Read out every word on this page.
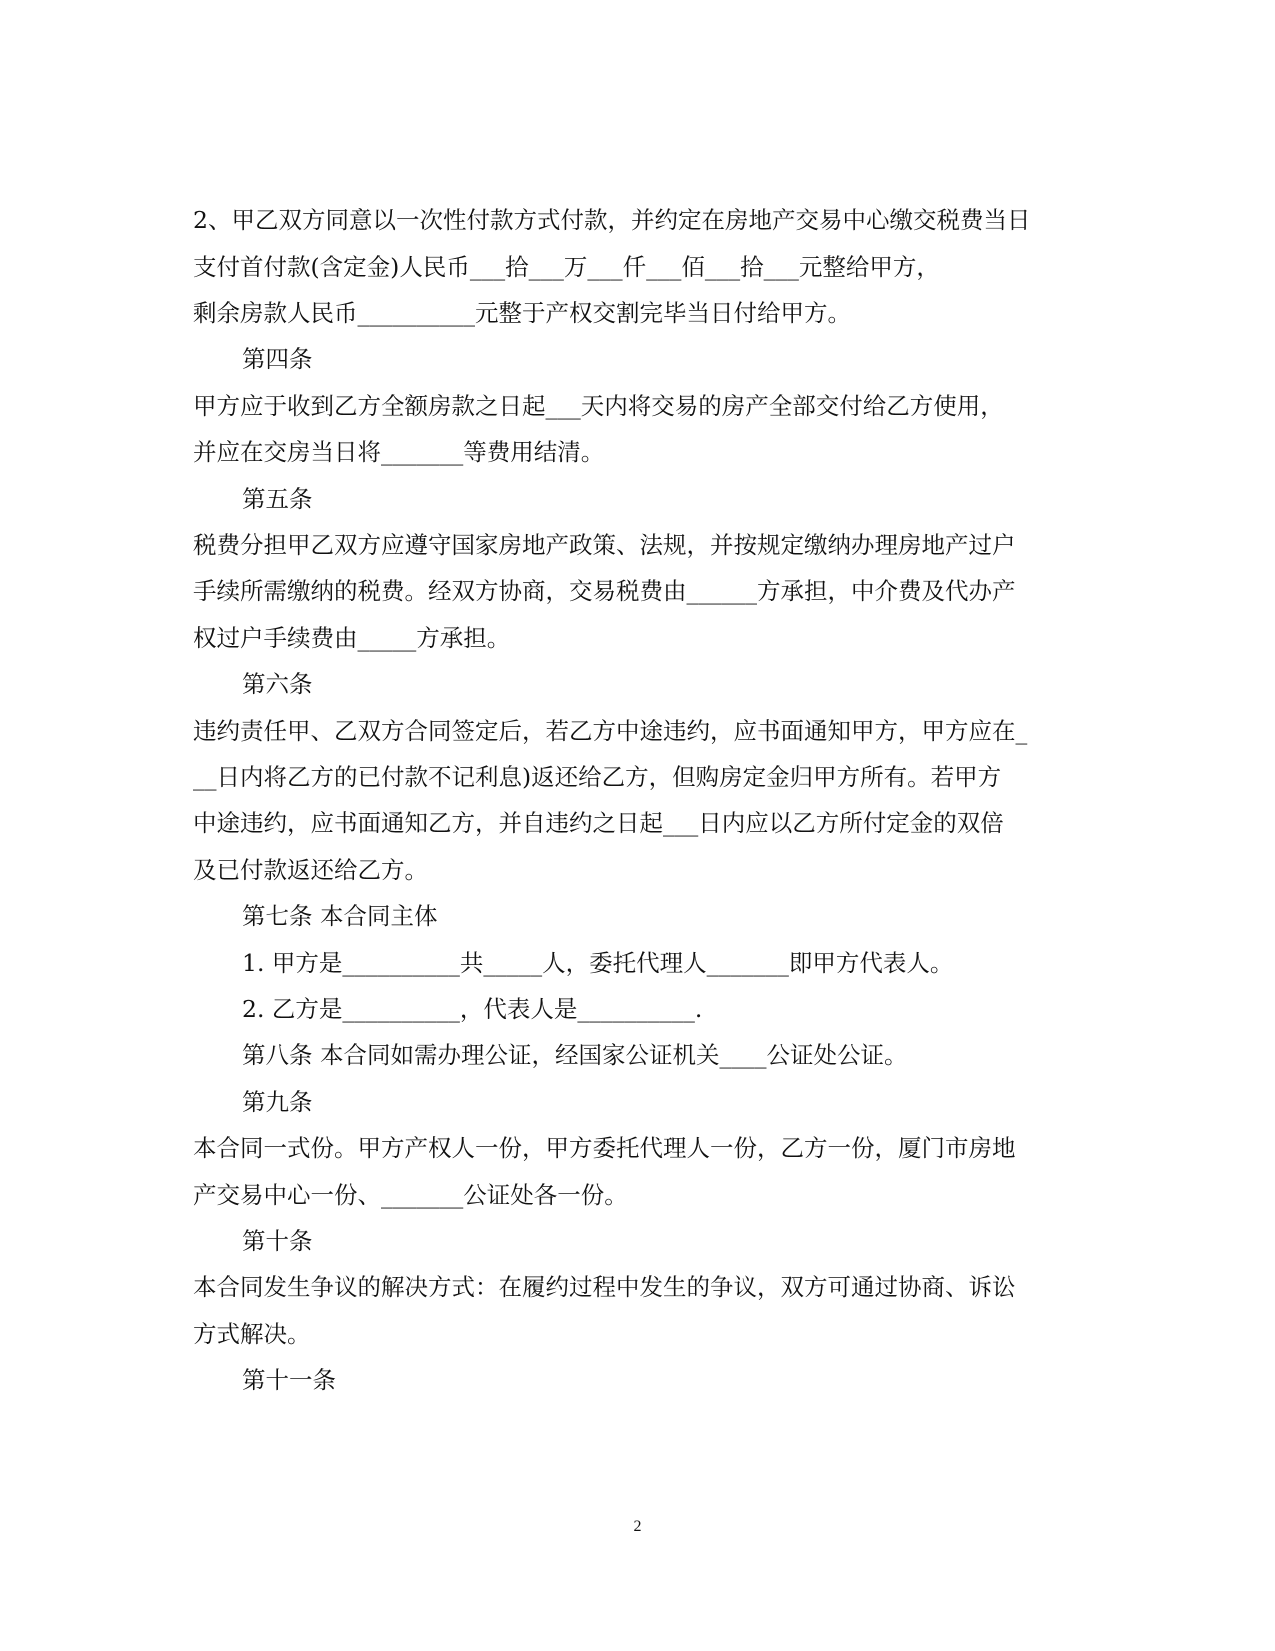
2、甲乙双方同意以一次性付款方式付款，并约定在房地产交易中心缴交税费当日
支付首付款(含定金)人民币___拾___万___仟___佰___拾___元整给甲方，
剩余房款人民币__________元整于产权交割完毕当日付给甲方。
第四条
甲方应于收到乙方全额房款之日起___天内将交易的房产全部交付给乙方使用，
并应在交房当日将_______等费用结清。
第五条
税费分担甲乙双方应遵守国家房地产政策、法规，并按规定缴纳办理房地产过户
手续所需缴纳的税费。经双方协商，交易税费由______方承担，中介费及代办产
权过户手续费由_____方承担。
第六条
违约责任甲、乙双方合同签定后，若乙方中途违约，应书面通知甲方，甲方应在_
__日内将乙方的已付款不记利息)返还给乙方，但购房定金归甲方所有。若甲方
中途违约，应书面通知乙方，并自违约之日起___日内应以乙方所付定金的双倍
及已付款返还给乙方。
第七条 本合同主体
1. 甲方是__________共_____人，委托代理人_______即甲方代表人。
2. 乙方是__________，代表人是__________.
第八条 本合同如需办理公证，经国家公证机关____公证处公证。
第九条
本合同一式份。甲方产权人一份，甲方委托代理人一份，乙方一份，厦门市房地
产交易中心一份、_______公证处各一份。
第十条
本合同发生争议的解决方式：在履约过程中发生的争议，双方可通过协商、诉讼
方式解决。
第十一条
2
